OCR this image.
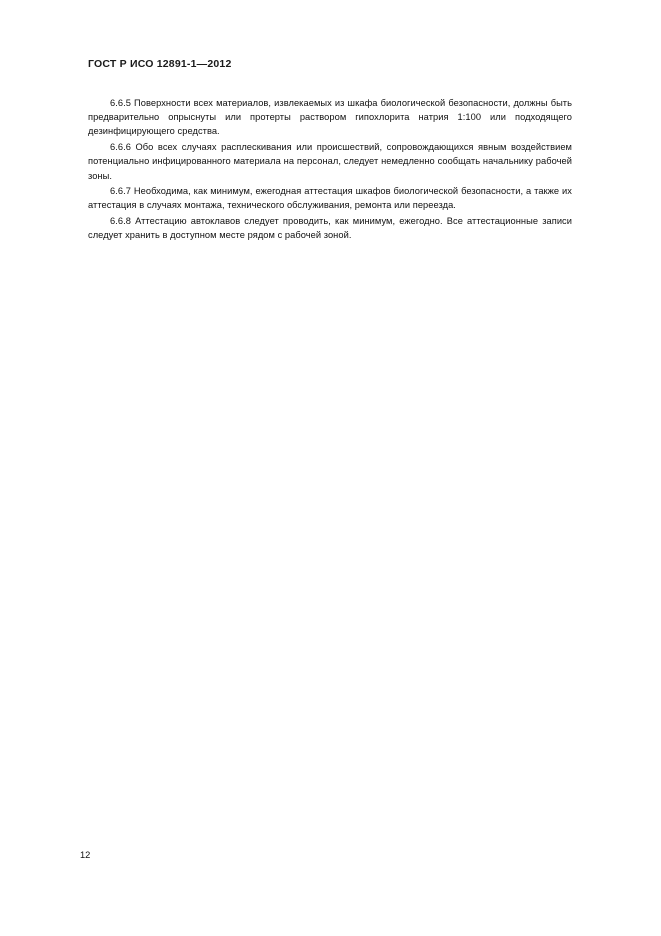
ГОСТ Р ИСО 12891-1—2012

6.6.5 Поверхности всех материалов, извлекаемых из шкафа биологической безопасности, должны быть предварительно опрыснуты или протерты раствором гипохлорита натрия 1:100 или подходящего дезинфицирующего средства.

6.6.6 Обо всех случаях расплескивания или происшествий, сопровождающихся явным воздействием потенциально инфицированного материала на персонал, следует немедленно сообщать начальнику рабочей зоны.

6.6.7 Необходима, как минимум, ежегодная аттестация шкафов биологической безопасности, а также их аттестация в случаях монтажа, технического обслуживания, ремонта или переезда.

6.6.8 Аттестацию автоклавов следует проводить, как минимум, ежегодно. Все аттестационные записи следует хранить в доступном месте рядом с рабочей зоной.

12
